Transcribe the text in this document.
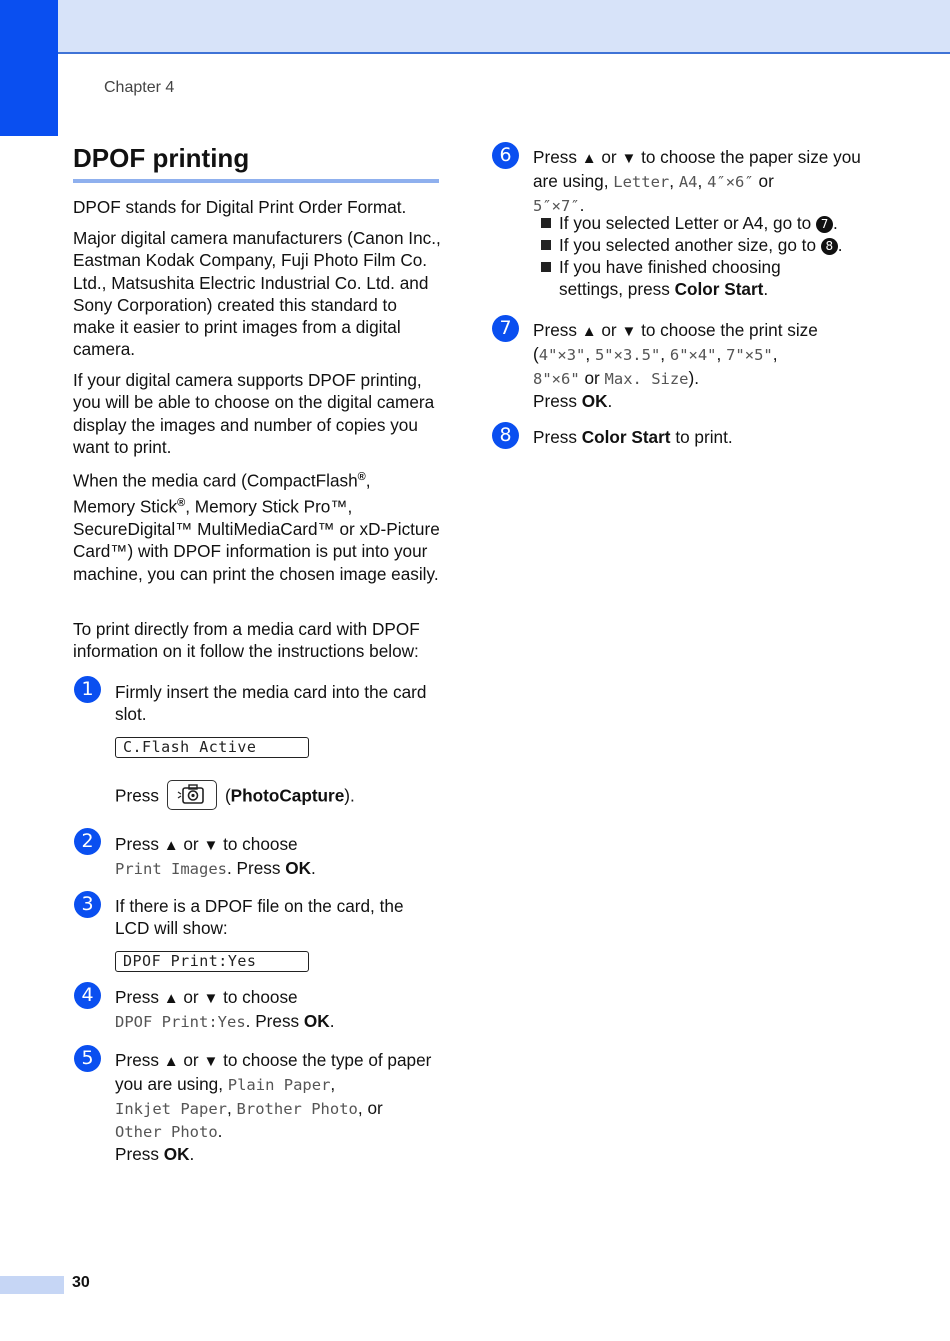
Chapter 4
DPOF printing

DPOF stands for Digital Print Order Format.

Major digital camera manufacturers (Canon Inc., Eastman Kodak Company, Fuji Photo Film Co. Ltd., Matsushita Electric Industrial Co. Ltd. and Sony Corporation) created this standard to make it easier to print images from a digital camera.

If your digital camera supports DPOF printing, you will be able to choose on the digital camera display the images and number of copies you want to print.

When the media card (CompactFlash®,
Memory Stick®, Memory Stick Pro™, SecureDigital™ MultiMediaCard™ or xD-Picture Card™) with DPOF information is put into your machine, you can print the chosen image easily.

To print directly from a media card with DPOF information on it follow the instructions below:

1	Firmly insert the media card into the card slot.
C.Flash Active
Press	(PhotoCapture).
2	Press ▲ or ▼ to choose
Print Images. Press OK.
3	If there is a DPOF file on the card, the LCD will show:
DPOF Print:Yes
4	Press ▲ or ▼ to choose
DPOF Print:Yes. Press OK.
5	Press ▲ or ▼ to choose the type of paper you are using, Plain Paper,
Inkjet Paper, Brother Photo, or
Other Photo.
Press OK.
6	Press ▲ or ▼ to choose the paper size you are using, Letter, A4, 4″×6″ or
5″×7″.
If you selected Letter or A4, go to 7 .
If you selected another size, go to 8 .
If you have finished choosing
settings, press Color Start.
7	Press ▲ or ▼ to choose the print size
(4"×3", 5"×3.5", 6"×4", 7"×5",
8"×6" or Max. Size).
Press OK.
8	Press Color Start to print.
30
